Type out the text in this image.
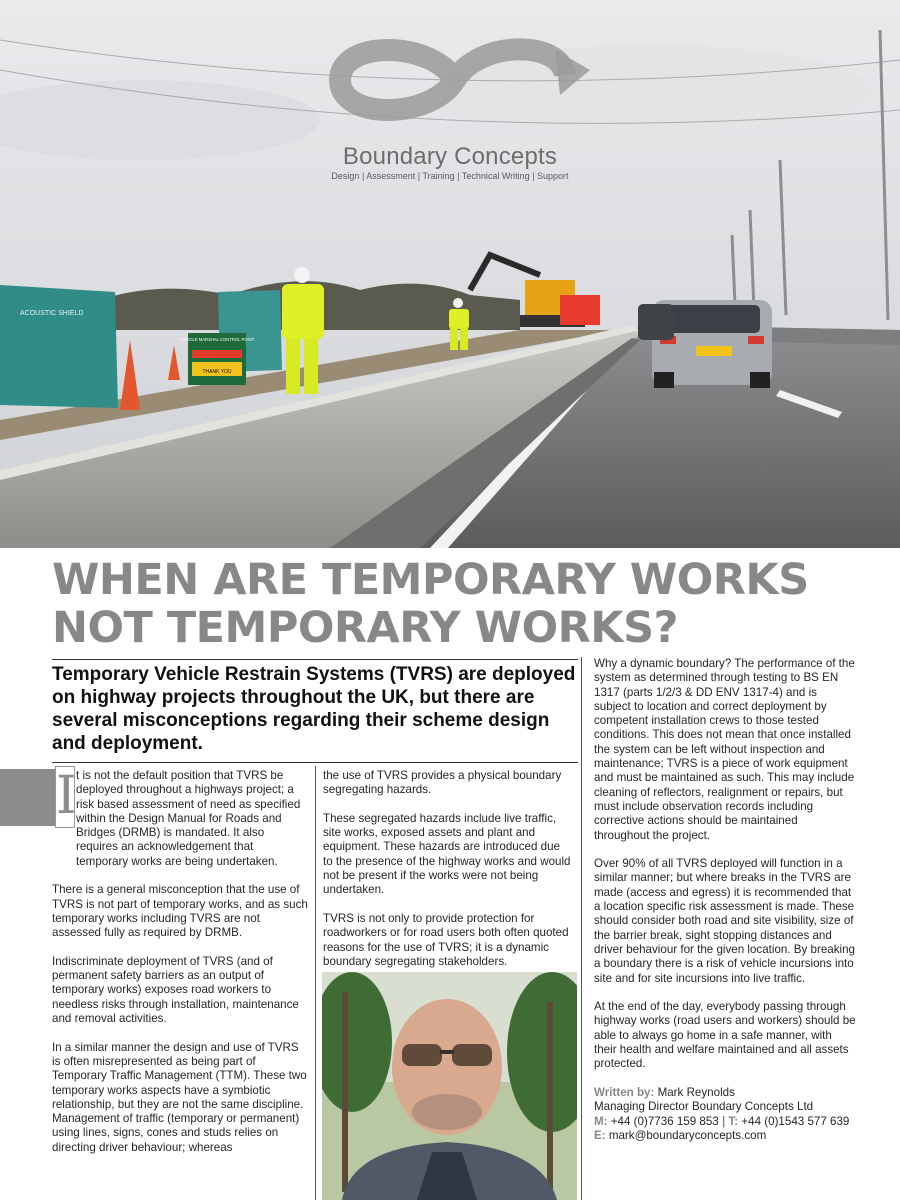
ACOUSTIC SHIELD
VEHICLE MARSHAL CONTROL POINT
THANK YOU
Boundary Concepts
Design | Assessment | Training | Technical Writing | Support
WHEN ARE TEMPORARY WORKS
NOT TEMPORARY WORKS?

Temporary Vehicle Restrain Systems (TVRS) are deployed on highway projects throughout the UK, but there are several misconceptions regarding their scheme design and deployment.

I t is not the default position that TVRS be deployed throughout a highways project; a risk based assessment of need as specified within the Design Manual for Roads and Bridges (DRMB) is mandated. It also requires an acknowledgement that temporary works are being undertaken.

There is a general misconception that the use of TVRS is not part of temporary works, and as such temporary works including TVRS are not assessed fully as required by DRMB.

Indiscriminate deployment of TVRS (and of permanent safety barriers as an output of temporary works) exposes road workers to needless risks through installation, maintenance and removal activities.

In a similar manner the design and use of TVRS is often misrepresented as being part of Temporary Traffic Management (TTM). These two temporary works aspects have a symbiotic relationship, but they are not the same discipline. Management of traffic (temporary or permanent) using lines, signs, cones and studs relies on directing driver behaviour; whereas

the use of TVRS provides a physical boundary segregating hazards.

These segregated hazards include live traffic, site works, exposed assets and plant and equipment. These hazards are introduced due to the presence of the highway works and would not be present if the works were not being undertaken.

TVRS is not only to provide protection for roadworkers or for road users both often quoted reasons for the use of TVRS; it is a dynamic boundary segregating stakeholders.

Why a dynamic boundary? The performance of the system as determined through testing to BS EN 1317 (parts 1/2/3 & DD ENV 1317-4) and is subject to location and correct deployment by competent installation crews to those tested conditions. This does not mean that once installed the system can be left without inspection and maintenance; TVRS is a piece of work equipment and must be maintained as such. This may include cleaning of reflectors, realignment or repairs, but must include observation records including corrective actions should be maintained throughout the project.

Over 90% of all TVRS deployed will function in a similar manner; but where breaks in the TVRS are made (access and egress) it is recommended that a location specific risk assessment is made. These should consider both road and site visibility, size of the barrier break, sight stopping distances and driver behaviour for the given location. By breaking a boundary there is a risk of vehicle incursions into site and for site incursions into live traffic.

At the end of the day, everybody passing through highway works (road users and workers) should be able to always go home in a safe manner, with their health and welfare maintained and all assets protected.

Written by: Mark Reynolds
Managing Director Boundary Concepts Ltd
M: +44 (0)7736 159 853 | T: +44 (0)1543 577 639
E: mark@boundaryconcepts.com
